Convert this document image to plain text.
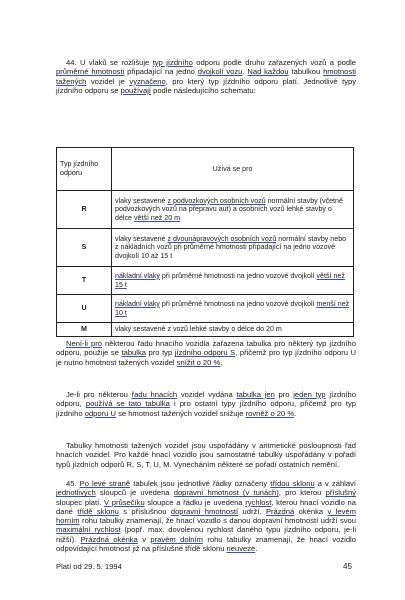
44. U vlaků se rozlišuje typ jízdního odporu podle druhu zařazených vozů a podle průměrné hmotnosti připadající na jedno dvojkolí vozu. Nad každou tabulkou hmotnosti tažených vozidel je vyznačeno, pro který typ jízdního odporu platí. Jednotlivé typy jízdního odporu se používají podle následujícího schematu:
Typ jízdního odporu	Užívá se pro
R	vlaky sestavené z podvozkových osobních vozů normální stavby (včetně podvozkových vozů na přepravu aut) a osobních vozů lehké stavby o délce větší než 20 m
S	vlaky sestavené z dvounápravových osobních vozů normální stavby nebo z nákladních vozů při průměrné hmotnosti připadající na jedno vozové dvojkolí 10 až 15 t
T	nákladní vlaky při průměrné hmotnosti na jedno vozové dvojkolí větší než 15 t
U	nákladní vlaky při průměrné hmotnosti na jedno vozové dvojkolí menší než 10 t
M	vlaky sestavené z vozů lehké stavby o délce do 20 m
Není-li pro některou řadu hnacího vozidla zařazena tabulka pro některý typ jízdního odporu, použije se tabulka pro typ jízdního odporu S, přičemž pro typ jízdního odporu U je nutno hmotnost tažených vozidel snížit o 20 %.
Je-li pro některou řadu hnacích vozidel vydána tabulka jen pro jeden typ jízdního odporu, používá se tato tabulka i pro ostatní typy jízdního odporu, přičemž pro typ jízdního odporu U se hmotnost tažených vozidel snižuje rovněž o 20 %.
Tabulky hmotnosti tažených vozidel jsou uspořádány v aritmetické posloupnosti řad hnacích vozidel. Pro každé hnací vozidlo jsou samostatné tabulky uspořádány v pořadí typů jízdních odporů R, S, T, U, M. Vynecháním některé se pořadí ostatních nemění.
45. Po levé straně tabulek jsou jednotlivé řádky označeny třídou sklonu a v záhlaví jednotlivých sloupců je uvedena dopravní hmotnost (v tunách), pro kterou příslušný sloupec platí. V průsečíku sloupce a řádku je uvedena rychlost, kterou hnací vozidlo na dané třídě sklonu s příslušnou dopravní hmotností udrží. Prázdná okénka v levém horním rohu tabulky znamenají, že hnací vozidlo s danou dopravní hmotností udrží svou maximální rychlost (popř. max. dovolenou rychlost daného typu jízdního odporu, je-li nižší). Prázdná okénka v pravém dolním rohu tabulky znamenají, že hnací vozidlo odpovídající hmotnost již na příslušné třídě sklonu neuveze.
Platí od 29. 5. 1994	45
